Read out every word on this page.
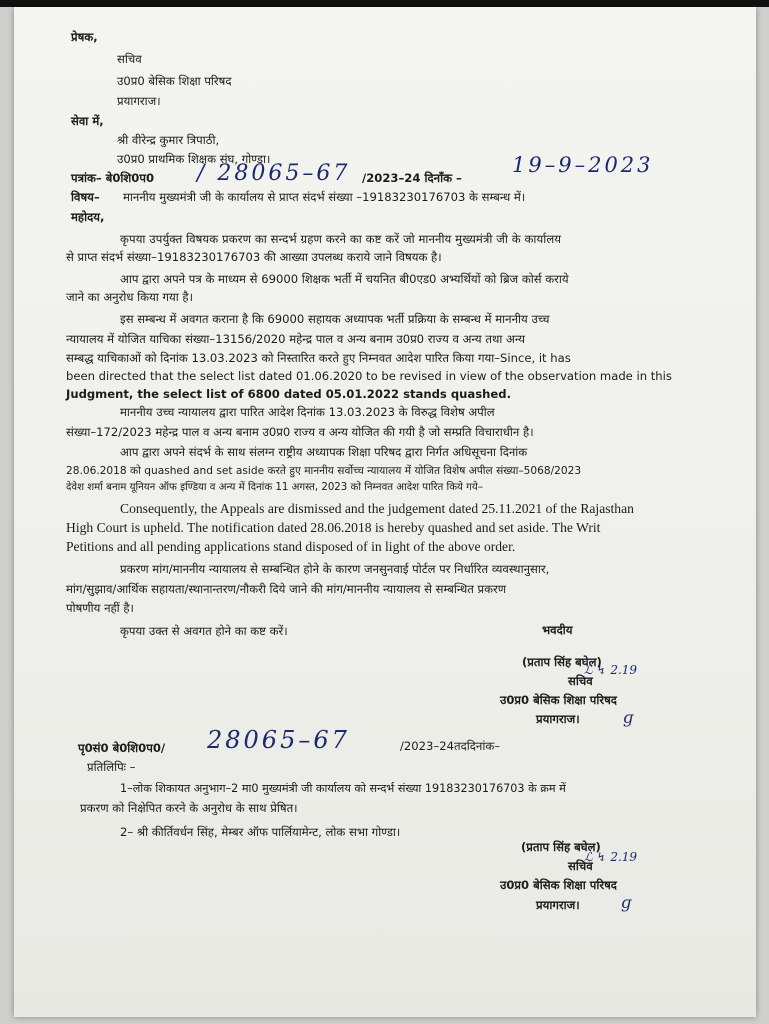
प्रेषक,
सचिव
उ0प्र0 बेसिक शिक्षा परिषद
प्रयागराज।
सेवा में,
श्री वीरेन्द्र कुमार त्रिपाठी,
उ0प्र0 प्राथमिक शिक्षक संघ, गोण्डा।
पत्रांक– बे0शि0प0 / 28065–67 /2023–24 दिनाँक –
19–9–2023
विषय– माननीय मुख्यमंत्री जी के कार्यालय से प्राप्त संदर्भ संख्या –19183230176703 के सम्बन्ध में।
महोदय,
कृपया उपर्युक्त विषयक प्रकरण का सन्दर्भ ग्रहण करने का कष्ट करें जो माननीय मुख्यमंत्री जी के कार्यालय
से प्राप्त संदर्भ संख्या–19183230176703 की आख्या उपलब्ध कराये जाने विषयक है।
आप द्वारा अपने पत्र के माध्यम से 69000 शिक्षक भर्ती में चयनित बी0एड0 अभ्यर्थियों को ब्रिज कोर्स कराये
जाने का अनुरोध किया गया है।
इस सम्बन्ध में अवगत कराना है कि 69000 सहायक अध्यापक भर्ती प्रक्रिया के सम्बन्ध में माननीय उच्च
न्यायालय में योजित याचिका संख्या–13156/2020 महेन्द्र पाल व अन्य बनाम उ0प्र0 राज्य व अन्य तथा अन्य
सम्बद्ध याचिकाओं को दिनांक 13.03.2023 को निस्तारित करते हुए निम्नवत आदेश पारित किया गया–Since, it has
been directed that the select list dated 01.06.2020 to be revised in view of the observation made in this
Judgment, the select list of 6800 dated 05.01.2022 stands quashed.
माननीय उच्च न्यायालय द्वारा पारित आदेश दिनांक 13.03.2023 के विरुद्ध विशेष अपील
संख्या–172/2023 महेन्द्र पाल व अन्य बनाम उ0प्र0 राज्य व अन्य योजित की गयी है जो सम्प्रति विचाराधीन है।
आप द्वारा अपने संदर्भ के साथ संलग्न राष्ट्रीय अध्यापक शिक्षा परिषद द्वारा निर्गत अधिसूचना दिनांक
28.06.2018 को quashed and set aside करते हुए माननीय सर्वोच्च न्यायालय में योजित विशेष अपील संख्या–5068/2023
देवेश शर्मा बनाम यूनियन ऑफ इण्डिया व अन्य में दिनांक 11 अगस्त, 2023 को निम्नवत आदेश पारित किये गये–
Consequently, the Appeals are dismissed and the judgement dated 25.11.2021 of the Rajasthan
High Court is upheld. The notification dated 28.06.2018 is hereby quashed and set aside. The Writ
Petitions and all pending applications stand disposed of in light of the above order.
प्रकरण मांग/माननीय न्यायालय से सम्बन्धित होने के कारण जनसुनवाई पोर्टल पर निर्धारित व्यवस्थानुसार,
मांग/सुझाव/आर्थिक सहायता/स्थानान्तरण/नौकरी दिये जाने की मांग/माननीय न्यायालय से सम्बन्धित प्रकरण
पोषणीय नहीं है।
कृपया उक्त से अवगत होने का कष्ट करें।	भवदीय
(प्रताप सिंह बघेल)
ℒ ↯ 2.19
सचिव
उ0प्र0 बेसिक शिक्षा परिषद
प्रयागराज।	ɡ
पृ0सं0 बे0शि0प0/ 28065–67	/2023–24तददिनांक–
प्रतिलिपिः –
1–लोक शिकायत अनुभाग–2 मा0 मुख्यमंत्री जी कार्यालय को सन्दर्भ संख्या 19183230176703 के क्रम में
प्रकरण को निक्षेपित करने के अनुरोध के साथ प्रेषित।
2– श्री कीर्तिवर्धन सिंह, मेम्बर ऑफ पार्लियामेन्ट, लोक सभा गोण्डा।
(प्रताप सिंह बघेल)
ℒ ↯ 2.19
सचिव
उ0प्र0 बेसिक शिक्षा परिषद
प्रयागराज।	ɡ
